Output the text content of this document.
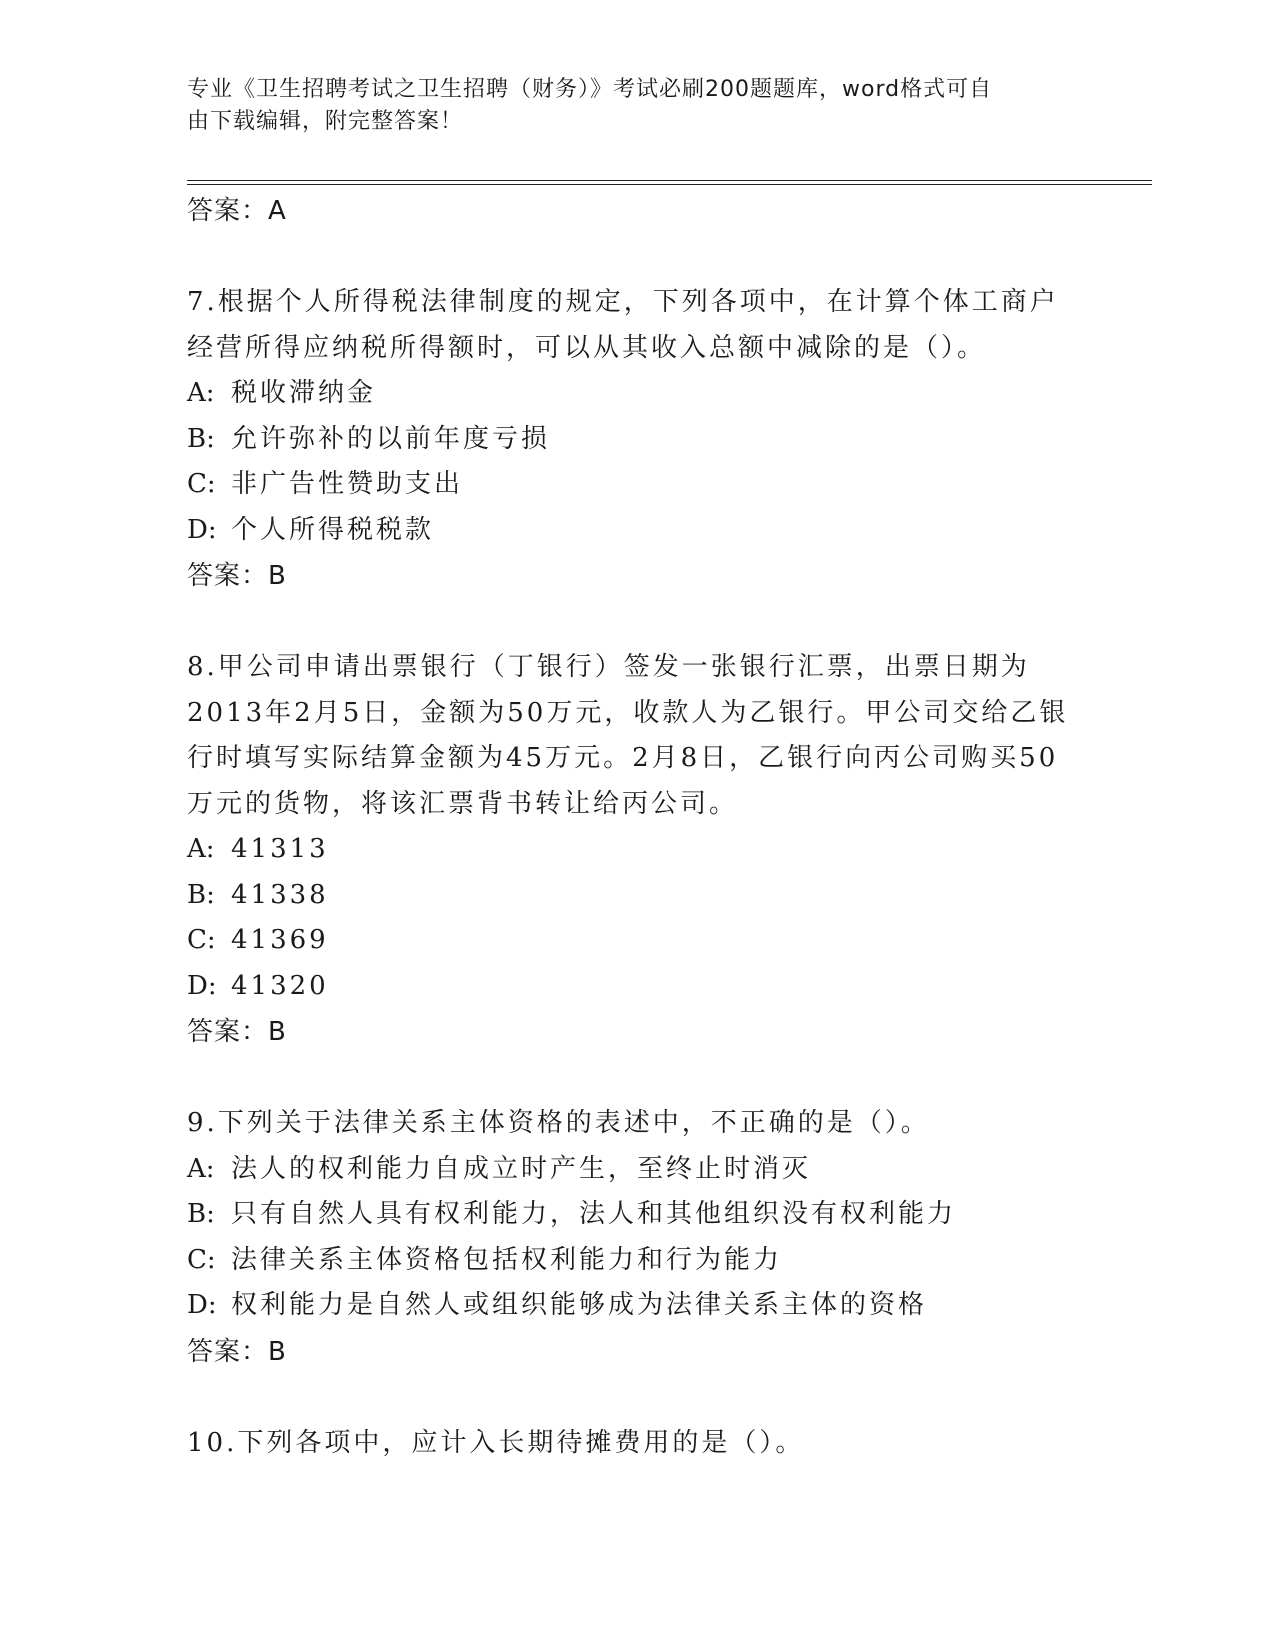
专业《卫生招聘考试之卫生招聘（财务）》考试必刷200题题库，word格式可自
由下载编辑，附完整答案！
答案：A
7.根据个人所得税法律制度的规定，下列各项中，在计算个体工商户
经营所得应纳税所得额时，可以从其收入总额中减除的是（）。
A: 税收滞纳金
B: 允许弥补的以前年度亏损
C: 非广告性赞助支出
D: 个人所得税税款
答案：B
8.甲公司申请出票银行（丁银行）签发一张银行汇票，出票日期为
2013年2月5日，金额为50万元，收款人为乙银行。甲公司交给乙银
行时填写实际结算金额为45万元。2月8日，乙银行向丙公司购买50
万元的货物，将该汇票背书转让给丙公司。
A: 41313
B: 41338
C: 41369
D: 41320
答案：B
9.下列关于法律关系主体资格的表述中，不正确的是（）。
A: 法人的权利能力自成立时产生，至终止时消灭
B: 只有自然人具有权利能力，法人和其他组织没有权利能力
C: 法律关系主体资格包括权利能力和行为能力
D: 权利能力是自然人或组织能够成为法律关系主体的资格
答案：B
10.下列各项中，应计入长期待摊费用的是（）。
